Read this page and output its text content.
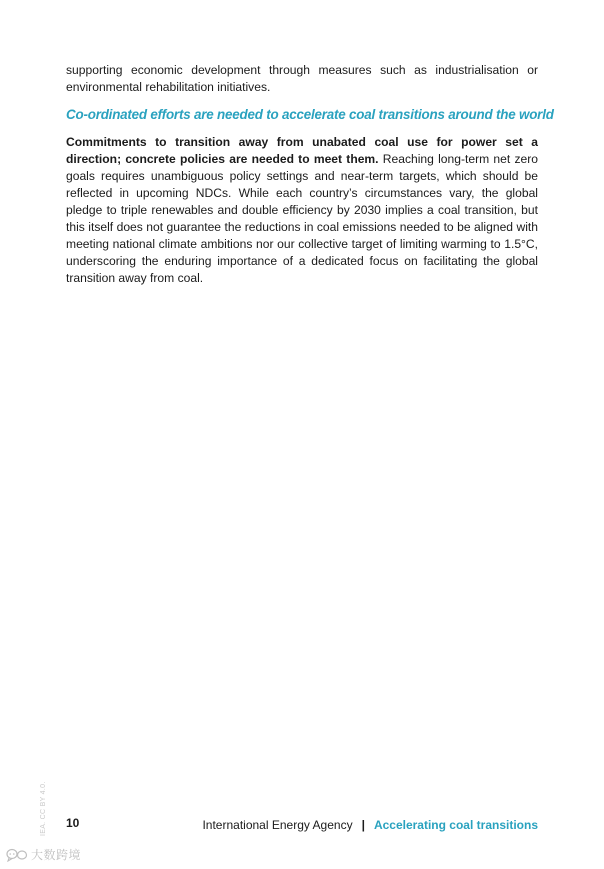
supporting economic development through measures such as industrialisation or environmental rehabilitation initiatives.

Co-ordinated efforts are needed to accelerate coal transitions around the world

Commitments to transition away from unabated coal use for power set a direction; concrete policies are needed to meet them. Reaching long-term net zero goals requires unambiguous policy settings and near-term targets, which should be reflected in upcoming NDCs. While each country’s circumstances vary, the global pledge to triple renewables and double efficiency by 2030 implies a coal transition, but this itself does not guarantee the reductions in coal emissions needed to be aligned with meeting national climate ambitions nor our collective target of limiting warming to 1.5°C, underscoring the enduring importance of a dedicated focus on facilitating the global transition away from coal.

IEA. CC BY 4.0. 10	International Energy Agency | Accelerating coal transitions
大数跨境
